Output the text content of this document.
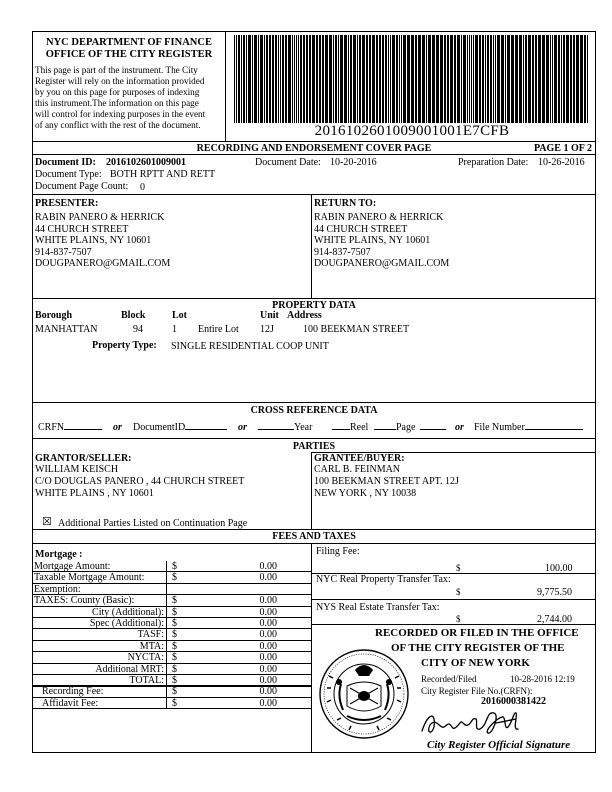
NYC DEPARTMENT OF FINANCE
OFFICE OF THE CITY REGISTER
This page is part of the instrument. The City
Register will rely on the information provided
by you on this page for purposes of indexing
this instrument.The information on this page
will control for indexing purposes in the event
of any conflict with the rest of the document.	2016102601009001001E7CFB
RECORDING AND ENDORSEMENT COVER PAGE	PAGE 1 OF 2
Document ID: 2016102601009001	Document Date: 10-20-2016	Preparation Date: 10-26-2016
Document Type: BOTH RPTT AND RETT
Document Page Count: 0
PRESENTER:
RABIN PANERO & HERRICK
44 CHURCH STREET
WHITE PLAINS, NY 10601
914-837-7507
DOUGPANERO@GMAIL.COM
RETURN TO:
RABIN PANERO & HERRICK
44 CHURCH STREET
WHITE PLAINS, NY 10601
914-837-7507
DOUGPANERO@GMAIL.COM
PROPERTY DATA
Borough	Block	Lot	Unit Address
MANHATTAN	94	1 Entire Lot 12J	100 BEEKMAN STREET
Property Type: SINGLE RESIDENTIAL COOP UNIT
CROSS REFERENCE DATA
CRFN	or DocumentID	or	Year	Reel	Page	or File Number
PARTIES
GRANTOR/SELLER:
WILLIAM KEISCH
C/O DOUGLAS PANERO , 44 CHURCH STREET
WHITE PLAINS , NY 10601
GRANTEE/BUYER:
CARL B. FEINMAN
100 BEEKMAN STREET APT. 12J
NEW YORK , NY 10038
☒ Additional Parties Listed on Continuation Page
FEES AND TAXES
Mortgage :
Mortgage Amount:	$	0.00
Taxable Mortgage Amount:	$	0.00
Exemption:
TAXES: County (Basic):	$	0.00
City (Additional): $	0.00
Spec (Additional): $	0.00
TASF: $	0.00
MTA: $	0.00
NYCTA: $	0.00
Additional MRT: $	0.00
TOTAL: $	0.00
Recording Fee:	$	0.00
Affidavit Fee:	$	0.00
Filing Fee:
$	100.00
NYC Real Property Transfer Tax:
$	9,775.50
NYS Real Estate Transfer Tax:
$	2,744.00
RECORDED OR FILED IN THE OFFICE
OF THE CITY REGISTER OF THE
CITY OF NEW YORK
Recorded/Filed	10-28-2016 12:19
City Register File No.(CRFN):
2016000381422
City Register Official Signature
